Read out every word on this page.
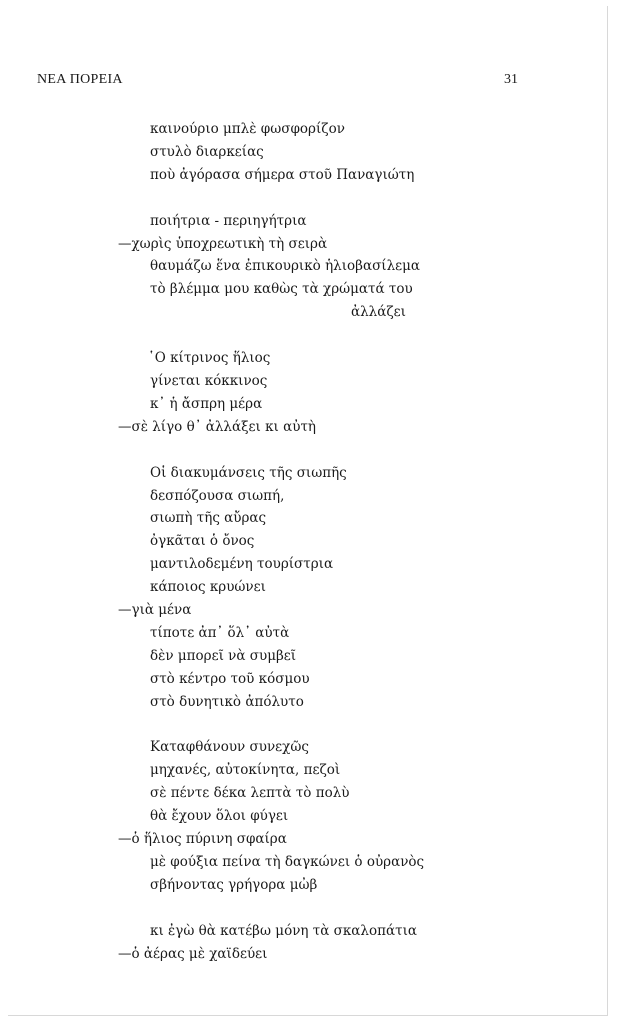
ΝΕΑ ΠΟΡΕΙΑ	31
καινούριο μπλὲ φωσφορίζον
στυλὸ διαρκείας
ποὺ ἀγόρασα σήμερα στοῦ Παναγιώτη
ποιήτρια - περιηγήτρια
—χωρὶς ὑποχρεωτικὴ τὴ σειρὰ
θαυμάζω ἕνα ἐπικουρικὸ ἡλιοβασίλεμα
τὸ βλέμμα μου καθὼς τὰ χρώματά του
ἀλλάζει
῾Ο κίτρινος ἥλιος
γίνεται κόκκινος
κ᾽ ἡ ἄσπρη μέρα
—σὲ λίγο θ᾽ ἀλλάξει κι αὐτὴ
Οἱ διακυμάνσεις τῆς σιωπῆς
δεσπόζουσα σιωπή,
σιωπὴ τῆς αὔρας
ὀγκᾶται ὁ ὄνος
μαντιλοδεμένη τουρίστρια
κάποιος κρυώνει
—γιὰ μένα
τίποτε ἀπ᾽ ὅλ᾽ αὐτὰ
δὲν μπορεῖ νὰ συμβεῖ
στὸ κέντρο τοῦ κόσμου
στὸ δυνητικὸ ἀπόλυτο
Καταφθάνουν συνεχῶς
μηχανές, αὐτοκίνητα, πεζοὶ
σὲ πέντε δέκα λεπτὰ τὸ πολὺ
θὰ ἔχουν ὅλοι φύγει
—ὁ ἥλιος πύρινη σφαίρα
μὲ φούξια πείνα τὴ δαγκώνει ὁ οὐρανὸς
σβήνοντας γρήγορα μὠβ
κι ἐγὼ θὰ κατέβω μόνη τὰ σκαλοπάτια
—ὁ ἀέρας μὲ χαϊδεύει
